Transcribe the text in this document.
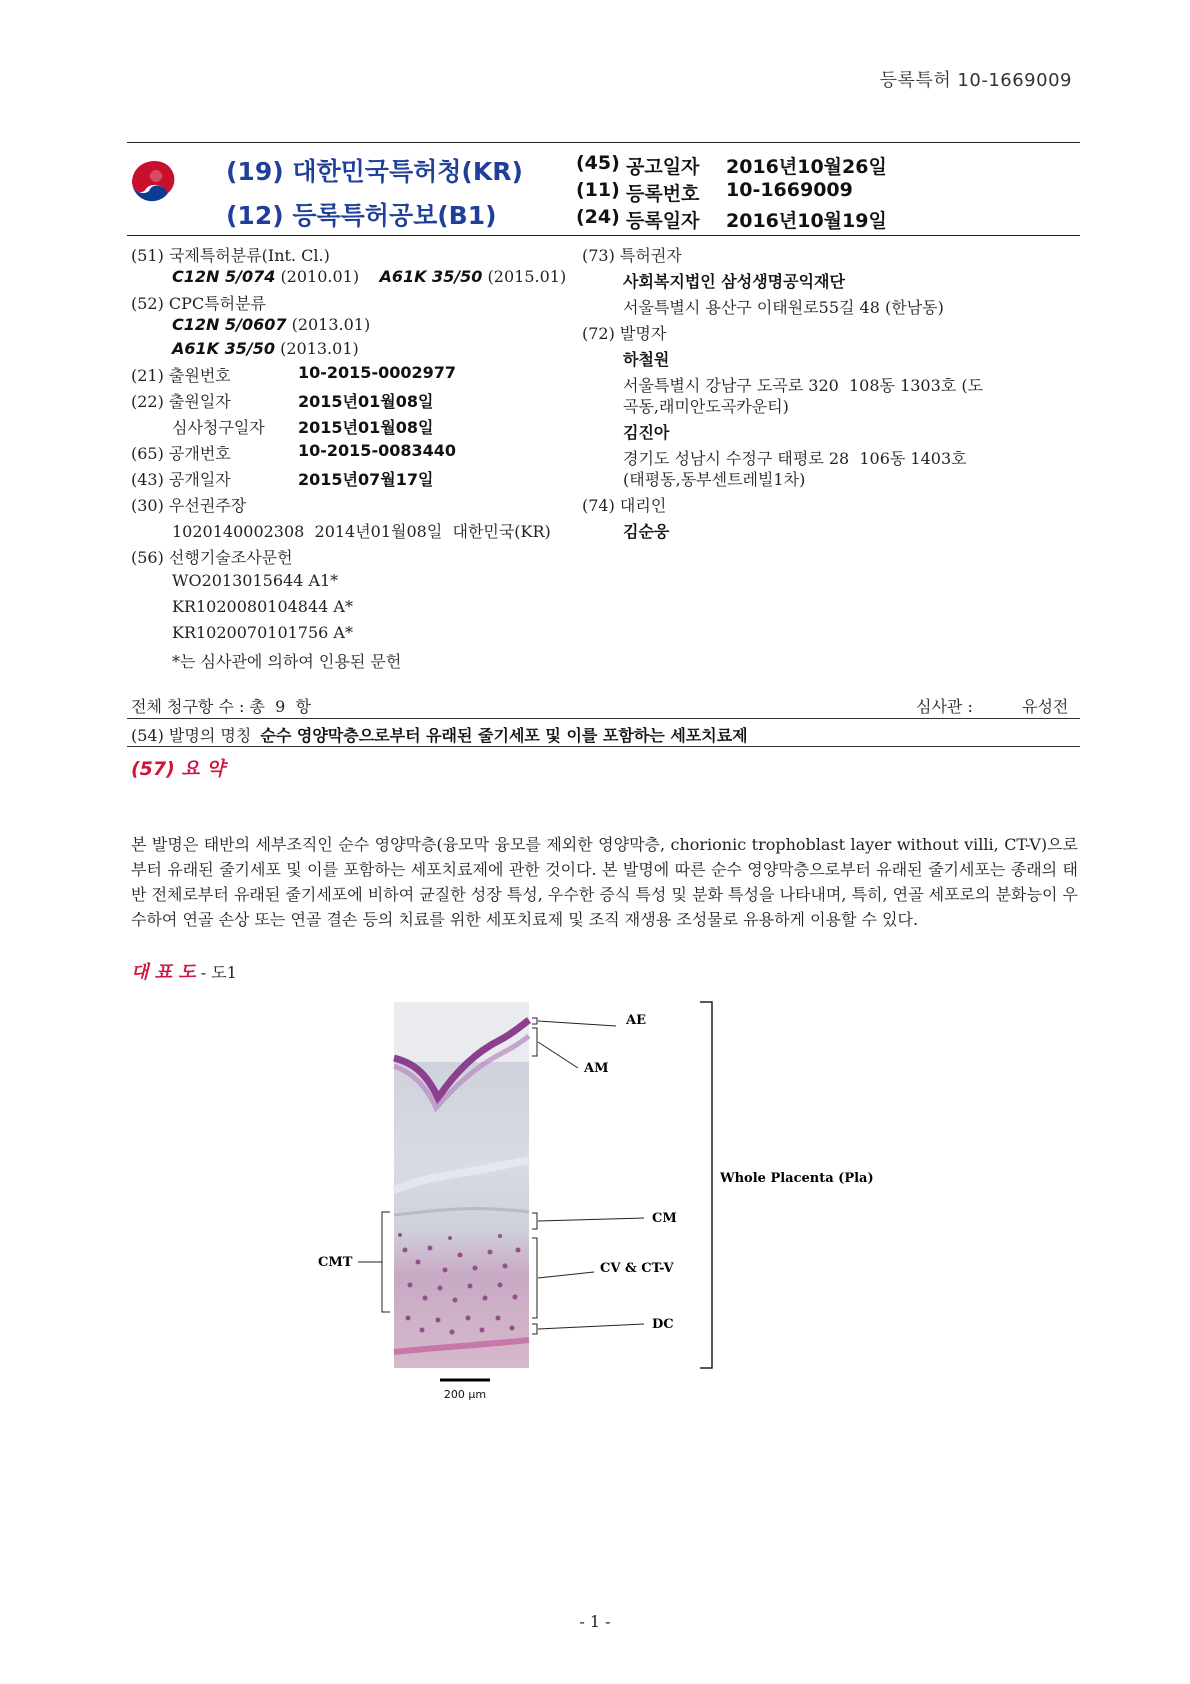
등록특허 10-1669009
(19) 대한민국특허청(KR)
(12) 등록특허공보(B1)
(45) 공고일자 2016년10월26일
(11) 등록번호 10-1669009
(24) 등록일자 2016년10월19일
(51) 국제특허분류(Int. Cl.)
C12N 5/074 (2010.01) A61K 35/50 (2015.01)
(52) CPC특허분류
C12N 5/0607 (2013.01)
A61K 35/50 (2013.01)
(21) 출원번호	10-2015-0002977
(22) 출원일자	2015년01월08일
심사청구일자 2015년01월08일
(65) 공개번호	10-2015-0083440
(43) 공개일자	2015년07월17일
(30) 우선권주장
1020140002308  2014년01월08일  대한민국(KR)
(56) 선행기술조사문헌
WO2013015644 A1*
KR1020080104844 A*
KR1020070101756 A*
*는 심사관에 의하여 인용된 문헌
(73) 특허권자
사회복지법인 삼성생명공익재단
서울특별시 용산구 이태원로55길 48 (한남동)
(72) 발명자
하철원
서울특별시 강남구 도곡로 320  108동 1303호 (도
곡동,래미안도곡카운티)
김진아
경기도 성남시 수정구 태평로 28  106동 1403호
(태평동,동부센트레빌1차)
(74) 대리인
김순웅
전체 청구항 수 : 총  9  항	심사관 :	유성전
(54) 발명의 명칭 순수 영양막층으로부터 유래된 줄기세포 및 이를 포함하는 세포치료제
(57) 요 약
본 발명은 태반의 세부조직인 순수 영양막층(융모막 융모를 제외한 영양막층, chorionic trophoblast layer without villi, CT-V)으로부터 유래된 줄기세포 및 이를 포함하는 세포치료제에 관한 것이다. 본 발명에 따른 순수 영양막층으로부터 유래된 줄기세포는 종래의 태반 전체로부터 유래된 줄기세포에 비하여 균질한 성장 특성, 우수한 증식 특성 및 분화 특성을 나타내며, 특히, 연골 세포로의 분화능이 우수하여 연골 손상 또는 연골 결손 등의 치료를 위한 세포치료제 및 조직 재생용 조성물로 유용하게 이용할 수 있다.
대 표 도 - 도1
200 μm
AE
AM
Whole Placenta (Pla)
CM
CV & CT-V
DC
CMT
- 1 -
